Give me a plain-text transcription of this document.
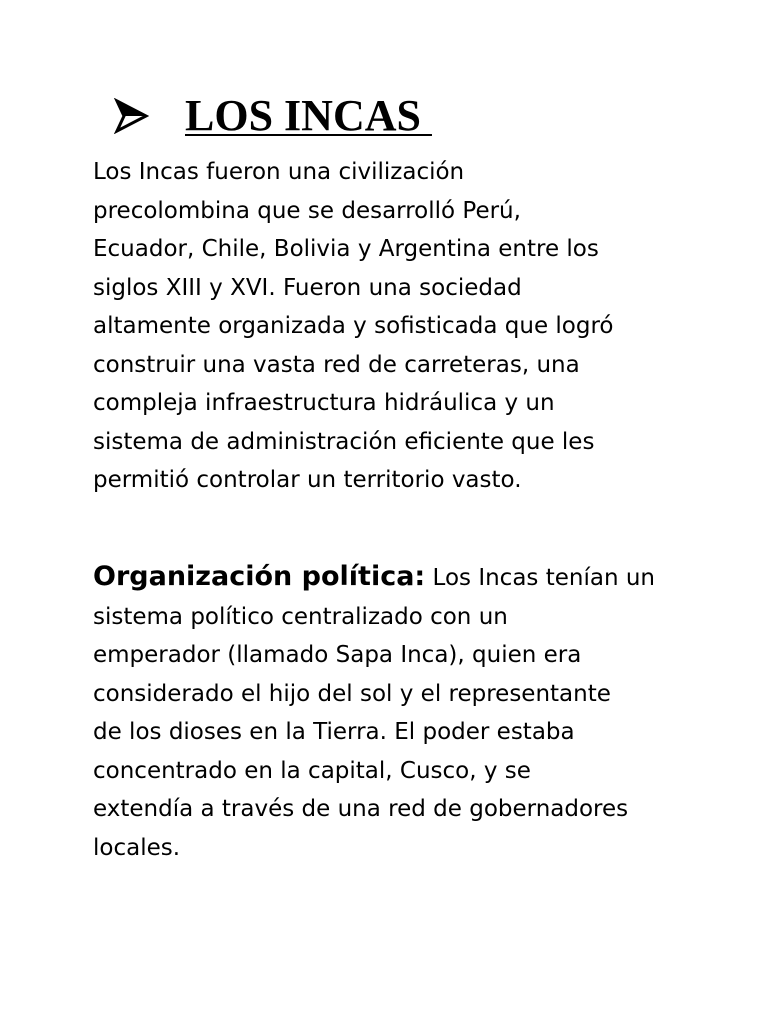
LOS INCAS

Los Incas fueron una civilización
precolombina que se desarrolló Perú,
Ecuador, Chile, Bolivia y Argentina entre los
siglos XIII y XVI. Fueron una sociedad
altamente organizada y sofisticada que logró
construir una vasta red de carreteras, una
compleja infraestructura hidráulica y un
sistema de administración eficiente que les
permitió controlar un territorio vasto.

Organización política: Los Incas tenían un
sistema político centralizado con un
emperador (llamado Sapa Inca), quien era
considerado el hijo del sol y el representante
de los dioses en la Tierra. El poder estaba
concentrado en la capital, Cusco, y se
extendía a través de una red de gobernadores
locales.
